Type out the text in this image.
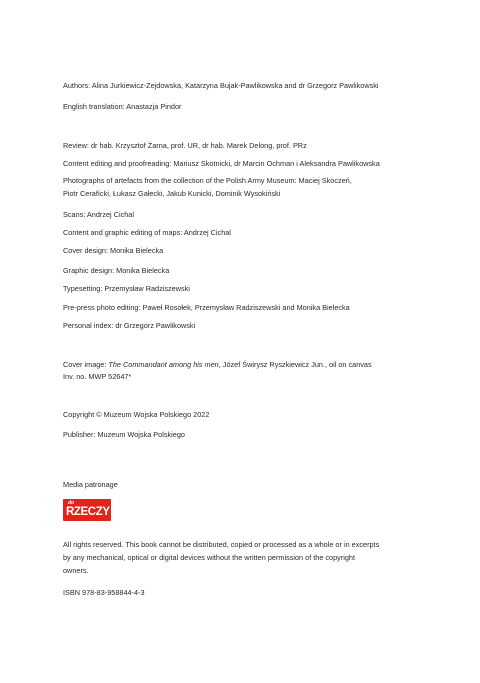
Authors: Alina Jurkiewicz-Zejdowska, Katarzyna Bujak-Pawlikowska and dr Grzegorz Pawlikowski
English translation: Anastazja Pindor
Review: dr hab. Krzysztof Żarna, prof. UR, dr hab. Marek Delong, prof. PRz
Content editing and proofreading: Mariusz Skotnicki, dr Marcin Ochman i Aleksandra Pawlikowska
Photographs of artefacts from the collection of the Polish Army Museum: Maciej Skoczeń,
Piotr Cerafícki, Łukasz Gałecki, Jakub Kunicki, Dominik Wysokiński
Scans: Andrzej Cichal
Content and graphic editing of maps: Andrzej Cichal
Cover design: Monika Bielecka
Graphic design: Monika Bielecka
Typesetting: Przemysław Radziszewski
Pre-press photo editing: Paweł Rosołek, Przemysław Radziszewski and Monika Bielecka
Personal index: dr Grzegorz Pawlikowski
Cover image: The Commandant among his men, Józef Świrysz Ryszkiewicz Jun., oil on canvas
Inv. no. MWP 52647*
Copyright © Muzeum Wojska Polskiego 2022
Publisher: Muzeum Wojska Polskiego
Media patronage
do
RZECZY
All rights reserved. This book cannot be distributed, copied or processed as a whole or in excerpts
by any mechanical, optical or digital devices without the written permission of the copyright
owners.
ISBN 978-83-958844-4-3
